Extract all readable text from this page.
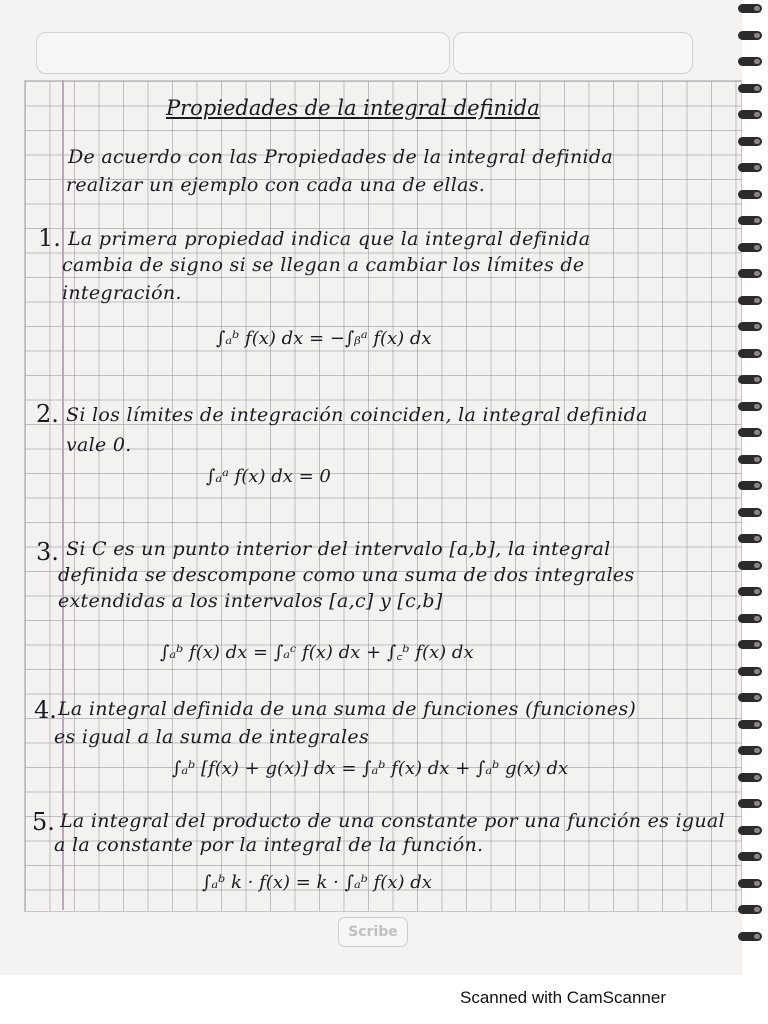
Propiedades de la integral definida
De acuerdo con las Propiedades de la integral definida
realizar un ejemplo con cada una de ellas.
1. La primera propiedad indica que la integral definida
cambia de signo si se llegan a cambiar los límites de
integración.
∫ₐᵇ f(x) dx = −∫ᵦᵃ f(x) dx
2. Si los límites de integración coinciden, la integral definida
vale 0.
∫ₐᵃ f(x) dx = 0
3. Si C es un punto interior del intervalo [a,b], la integral
definida se descompone como una suma de dos integrales
extendidas a los intervalos [a,c] y [c,b]
∫ₐᵇ f(x) dx = ∫ₐᶜ f(x) dx + ∫꜀ᵇ f(x) dx
4. La integral definida de una suma de funciones (funciones)
es igual a la suma de integrales
∫ₐᵇ [f(x) + g(x)] dx = ∫ₐᵇ f(x) dx + ∫ₐᵇ g(x) dx
5. La integral del producto de una constante por una función es igual
a la constante por la integral de la función.
∫ₐᵇ k · f(x) = k · ∫ₐᵇ f(x) dx
Scribe
Scanned with CamScanner
